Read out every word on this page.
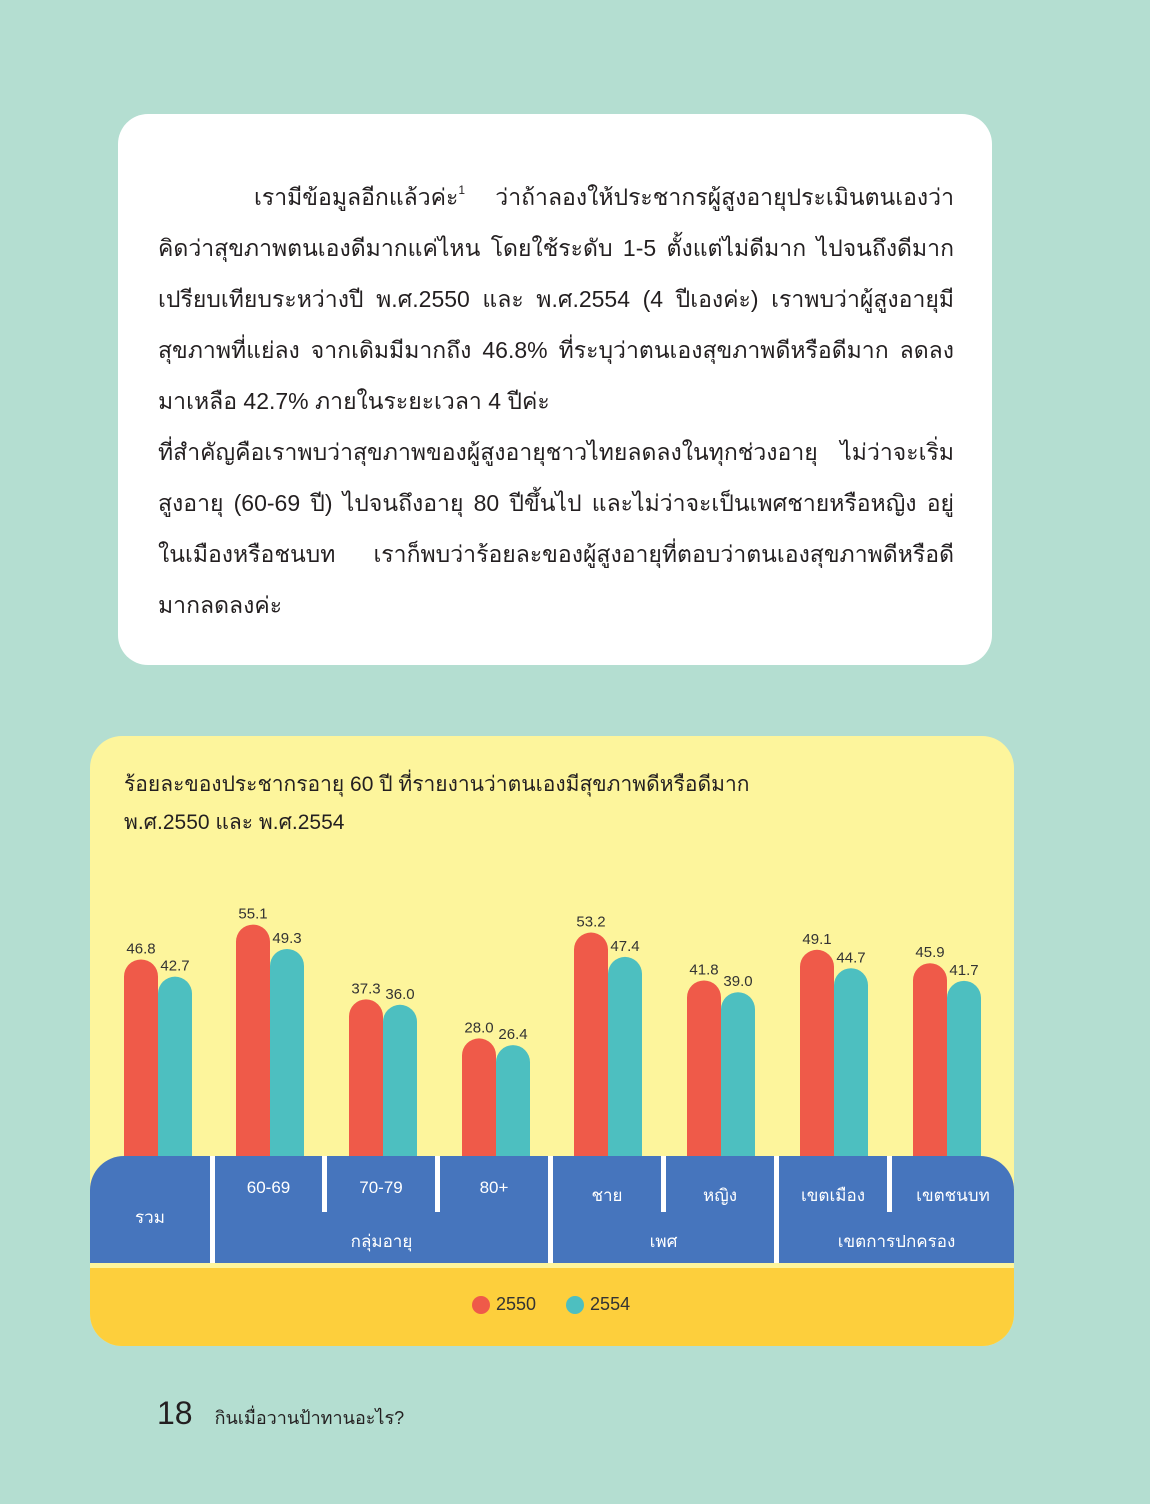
เรามีข้อมูลอีกแล้วค่ะ$^1$ ว่าถ้าลองให้ประชากรผู้สูงอายุประเมินตนเองว่า คิดว่าสุขภาพตนเองดีมากแค่ไหน โดยใช้ระดับ 1-5 ตั้งแต่ไม่ดีมาก ไปจนถึงดีมาก เปรียบเทียบระหว่างปี พ.ศ.2550 และ พ.ศ.2554 (4 ปีเองค่ะ) เราพบว่าผู้สูงอายุมีสุขภาพที่แย่ลง จากเดิมมีมากถึง 46.8% ที่ระบุว่าตนเองสุขภาพดีหรือดีมาก ลดลงมาเหลือ 42.7% ภายในระยะเวลา 4 ปีค่ะ

ที่สำคัญคือเราพบว่าสุขภาพของผู้สูงอายุชาวไทยลดลงในทุกช่วงอายุ ไม่ว่าจะเริ่มสูงอายุ (60-69 ปี) ไปจนถึงอายุ 80 ปีขึ้นไป และไม่ว่าจะเป็นเพศชายหรือหญิง อยู่ในเมืองหรือชนบท เราก็พบว่าร้อยละของผู้สูงอายุที่ตอบว่าตนเองสุขภาพดีหรือดีมากลดลงค่ะ

ร้อยละของประชากรอายุ 60 ปี ที่รายงานว่าตนเองมีสุขภาพดีหรือดีมาก
พ.ศ.2550 และ พ.ศ.2554
46.8
42.7
55.1
49.3
37.3 36.0
28.0 26.4
53.2
47.4
41.8
39.0
49.1
44.7	45.9
41.7
รวม
60-69	70-79	80+	ชาย	หญิง	เขตเมือง	เขตชนบท
กลุ่มอายุ	เพศ	เขตการปกครอง
2550	2554
18 กินเมื่อวานป้าทานอะไร?
